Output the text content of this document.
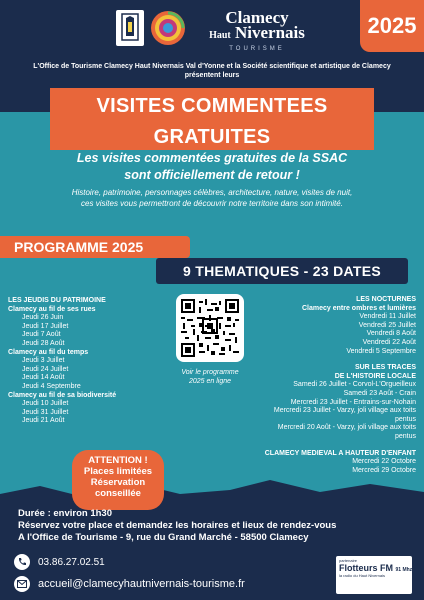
Clamecy
Haut Nivernais
TOURISME
2025
L'Office de Tourisme Clamecy Haut Nivernais Val d'Yonne et la Société scientifique et artistique de Clamecy
présentent leurs
Les visites commentées gratuites de la SSAC
sont officiellement de retour !
Histoire, patrimoine, personnages célèbres, architecture, nature, visites de nuit,
ces visites vous permettront de découvrir notre territoire dans son intimité.
VISITES COMMENTEES
GRATUITES
PROGRAMME 2025
9 THEMATIQUES - 23 DATES
LES JEUDIS DU PATRIMOINE
Clamecy au fil de ses rues
Jeudi 26 Juin
Jeudi 17 Juillet
Jeudi 7 Août
Jeudi 28 Août
Clamecy au fil du temps
Jeudi 3 Juillet
Jeudi 24 Juillet
Jeudi 14 Août
Jeudi 4 Septembre
Clamecy au fil de sa biodiversité
Jeudi 10 Juillet
Jeudi 31 Juillet
Jeudi 21 Août
Voir le programme
2025 en ligne
LES NOCTURNES
Clamecy entre ombres et lumières
Vendredi 11 Juillet
Vendredi 25 Juillet
Vendredi 8 Août
Vendredi 22 Août
Vendredi 5 Septembre
SUR LES TRACES
DE L'HISTOIRE LOCALE
Samedi 26 Juillet - Corvol-L'Orgueilleux
Samedi 23 Août - Crain
Mercredi 23 Juillet - Entrains-sur-Nohain
Mercredi 23 Juillet - Varzy, joli village aux toits
pentus
Mercredi 20 Août - Varzy, joli village aux toits
pentus
CLAMECY MEDIEVAL A HAUTEUR D'ENFANT
Mercredi 22 Octobre
Mercredi 29 Octobre
ATTENTION !
Places limitées
Réservation
conseillée
Durée : environ 1h30
Réservez votre place et demandez les horaires et lieux de rendez-vous
A l'Office de Tourisme - 9, rue du Grand Marché - 58500 Clamecy
03.86.27.02.51
accueil@clamecyhautnivernais-tourisme.fr
partenaire
Flotteurs FM 91 Mhz
la radio du Haut Nivernais
